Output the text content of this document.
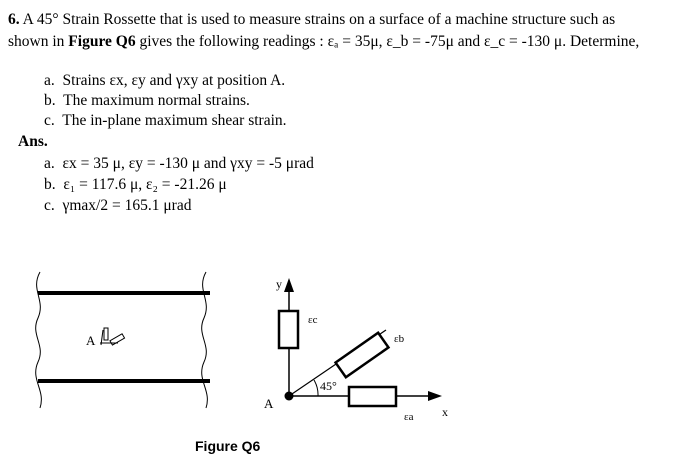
6. A 45° Strain Rossette that is used to measure strains on a surface of a machine structure such as
shown in Figure Q6 gives the following readings : εₐ = 35μ, ε_b = -75μ and ε_c = -130 μ. Determine,
a. Strains εx, εy and γxy at position A.
b. The maximum normal strains.
c. The in-plane maximum shear strain.
Ans.
a. εx = 35 μ, εy = -130 μ and γxy = -5 μrad
b. ε₁ = 117.6 μ, ε₂ = -21.26 μ
c. γmax/2 = 165.1 μrad
A
y
x
45°
A
εc
εb
εa
Figure Q6
